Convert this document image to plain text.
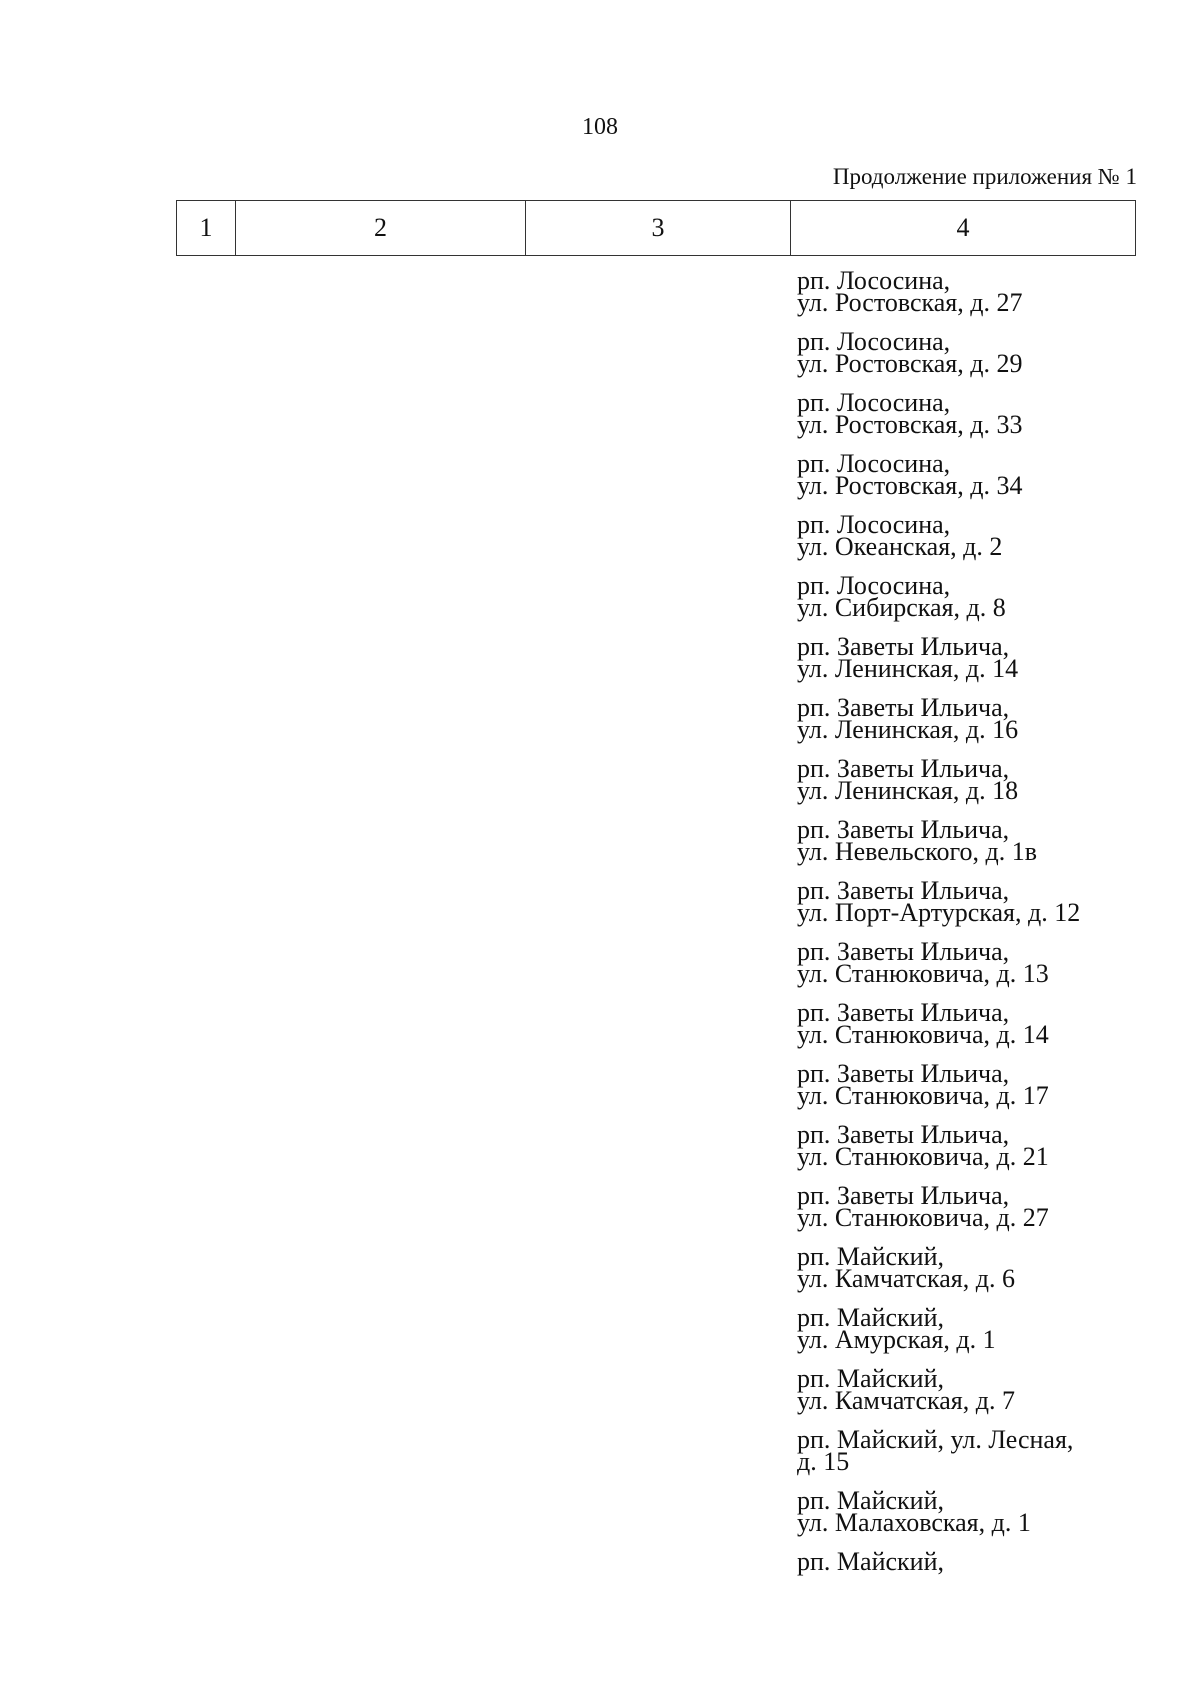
108
Продолжение приложения № 1
1	2	3	4
рп. Лососина,
ул. Ростовская, д. 27
рп. Лососина,
ул. Ростовская, д. 29
рп. Лососина,
ул. Ростовская, д. 33
рп. Лососина,
ул. Ростовская, д. 34
рп. Лососина,
ул. Океанская, д. 2
рп. Лососина,
ул. Сибирская, д. 8
рп. Заветы Ильича,
ул. Ленинская, д. 14
рп. Заветы Ильича,
ул. Ленинская, д. 16
рп. Заветы Ильича,
ул. Ленинская, д. 18
рп. Заветы Ильича,
ул. Невельского, д. 1в
рп. Заветы Ильича,
ул. Порт-Артурская, д. 12
рп. Заветы Ильича,
ул. Станюковича, д. 13
рп. Заветы Ильича,
ул. Станюковича, д. 14
рп. Заветы Ильича,
ул. Станюковича, д. 17
рп. Заветы Ильича,
ул. Станюковича, д. 21
рп. Заветы Ильича,
ул. Станюковича, д. 27
рп. Майский,
ул. Камчатская, д. 6
рп. Майский,
ул. Амурская, д. 1
рп. Майский,
ул. Камчатская, д. 7
рп. Майский, ул. Лесная,
д. 15
рп. Майский,
ул. Малаховская, д. 1
рп. Майский,
